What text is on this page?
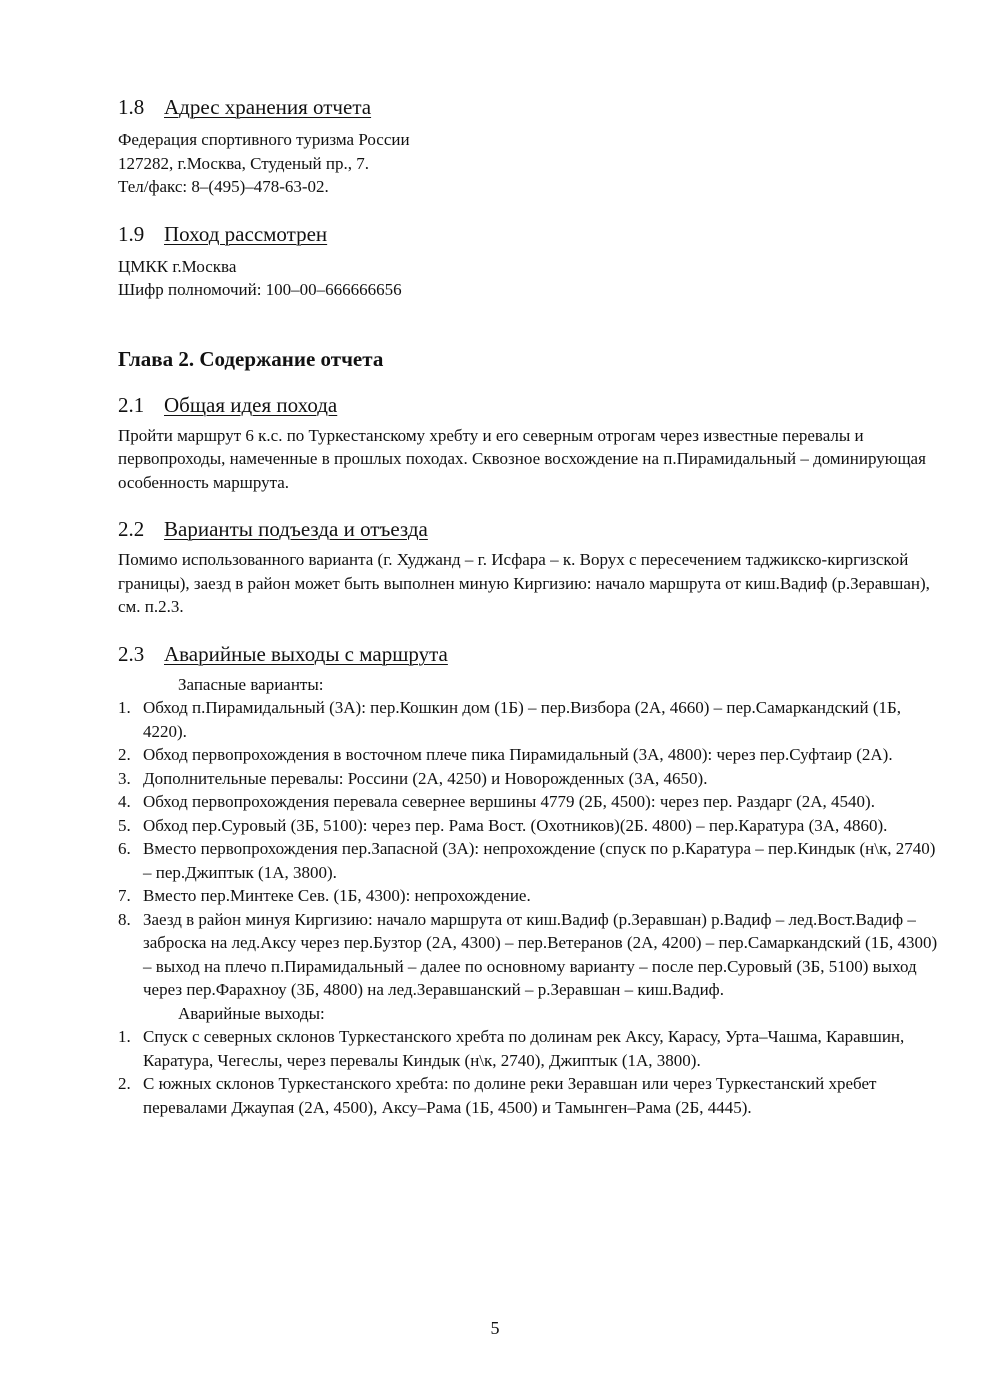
1.8 Адрес хранения отчета

Федерация спортивного туризма России

127282, г.Москва, Студеный пр., 7.

Тел/факс: 8‒(495)‒478-63-02.

1.9 Поход рассмотрен

ЦМКК г.Москва

Шифр полномочий: 100‒00‒666666656

Глава 2. Содержание отчета
2.1 Общая идея похода

Пройти маршрут 6 к.с. по Туркестанскому хребту и его северным отрогам через известные перевалы и первопроходы, намеченные в прошлых походах. Сквозное восхождение на п.Пирамидальный ‒ доминирующая особенность маршрута.

2.2 Варианты подъезда и отъезда

Помимо использованного варианта (г. Худжанд – г. Исфара – к. Ворух с пересечением таджикско-киргизской границы), заезд в район может быть выполнен миную Киргизию: начало маршрута от киш.Вадиф (р.Зеравшан), см. п.2.3.

2.3 Аварийные выходы с маршрута

Запасные варианты:

1. Обход п.Пирамидальный (3А): пер.Кошкин дом (1Б) ‒ пер.Визбора (2А, 4660) ‒ пер.Самаркандский (1Б, 4220).
2. Обход первопрохождения в восточном плече пика Пирамидальный (3А, 4800): через пер.Суфтаир (2А).
3. Дополнительные перевалы: Россини (2А, 4250) и Новорожденных (3А, 4650).
4. Обход первопрохождения перевала севернее вершины 4779 (2Б, 4500): через пер. Раздарг (2А, 4540).
5. Обход пер.Суровый (3Б, 5100): через пер. Рама Вост. (Охотников)(2Б. 4800) ‒ пер.Каратура (3А, 4860).
6. Вместо первопрохождения пер.Запасной (3А): непрохождение (спуск по р.Каратура ‒ пер.Киндык (н\к, 2740) ‒ пер.Джиптык (1А, 3800).
7. Вместо пер.Минтеке Сев. (1Б, 4300): непрохождение.
8. Заезд в район минуя Киргизию: начало маршрута от киш.Вадиф (р.Зеравшан) р.Вадиф ‒ лед.Вост.Вадиф ‒ заброска на лед.Аксу через пер.Бузтор (2А, 4300) ‒ пер.Ветеранов (2А, 4200) ‒ пер.Самаркандский (1Б, 4300) ‒ выход на плечо п.Пирамидальный ‒ далее по основному варианту ‒ после пер.Суровый (3Б, 5100) выход через пер.Фарахноу (3Б, 4800) на лед.Зеравшанский ‒ р.Зеравшан ‒ киш.Вадиф.

Аварийные выходы:

1. Спуск с северных склонов Туркестанского хребта по долинам рек Аксу, Карасу, Урта‒Чашма, Каравшин, Каратура, Чегеслы, через перевалы Киндык (н\к, 2740), Джиптык (1А, 3800).
2. С южных склонов Туркестанского хребта: по долине реки Зеравшан или через Туркестанский хребет перевалами Джаупая (2А, 4500), Аксу‒Рама (1Б, 4500) и Тамынген‒Рама (2Б, 4445).
5
